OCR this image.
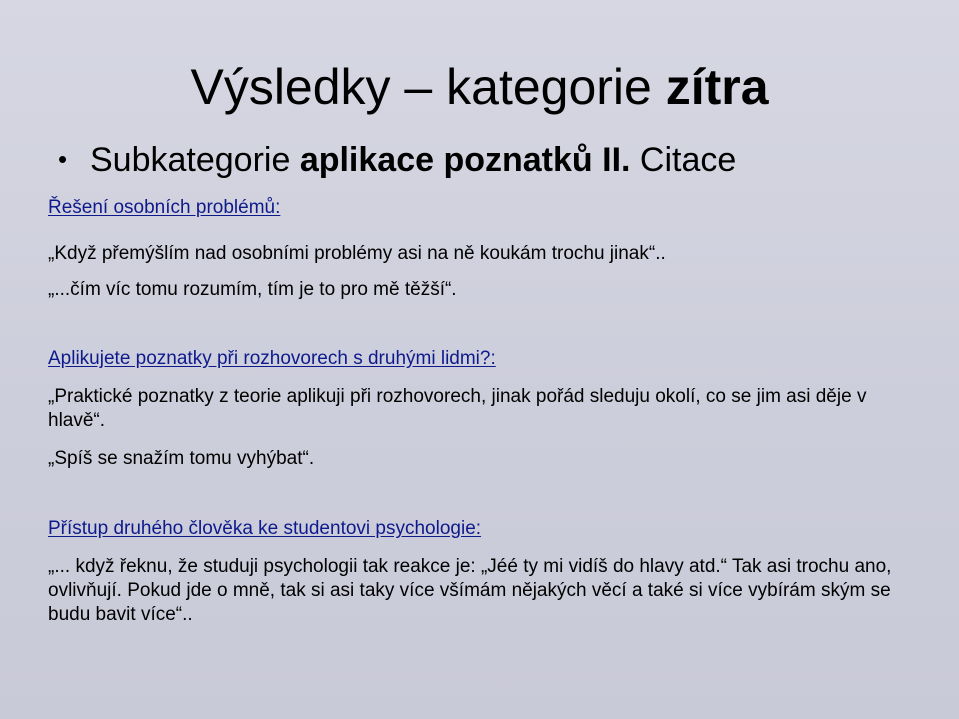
Výsledky – kategorie zítra
• Subkategorie aplikace poznatků II. Citace

Řešení osobních problémů:

„Když přemýšlím nad osobními problémy asi na ně koukám trochu jinak“..

„...čím víc tomu rozumím, tím je to pro mě těžší“.

Aplikujete poznatky při rozhovorech s druhými lidmi?:

„Praktické poznatky z teorie aplikuji při rozhovorech, jinak pořád sleduju okolí, co se jim asi děje v hlavě“.

„Spíš se snažím tomu vyhýbat“.

Přístup druhého člověka ke studentovi psychologie:

„... když řeknu, že studuji psychologii tak reakce je: „Jéé ty mi vidíš do hlavy atd.“ Tak asi trochu ano, ovlivňují. Pokud jde o mně, tak si asi taky více všímám nějakých věcí a také si více vybírám ským se budu bavit více“..
